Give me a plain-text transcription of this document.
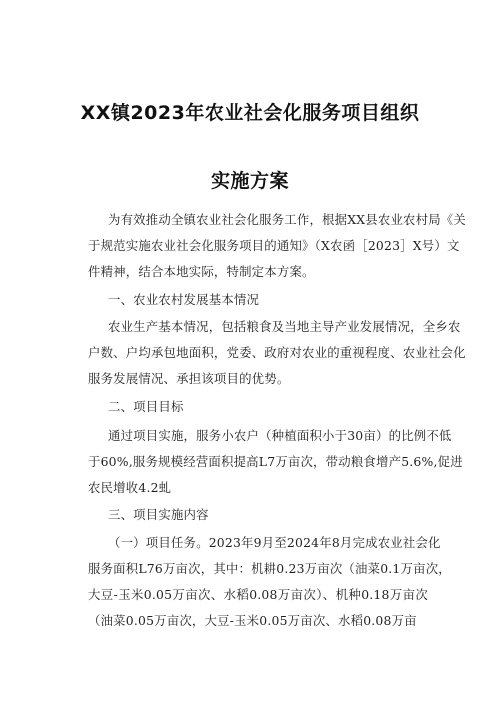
XX镇2023年农业社会化服务项目组织
实施方案
为有效推动全镇农业社会化服务工作，根据XX县农业农村局《关
于规范实施农业社会化服务项目的通知》（X农函［2023］X号）文
件精神，结合本地实际，特制定本方案。
一、农业农村发展基本情况
农业生产基本情况，包括粮食及当地主导产业发展情况，全乡农
户数、户均承包地面积，党委、政府对农业的重视程度、农业社会化
服务发展情况、承担该项目的优势。
二、项目目标
通过项目实施，服务小农户（种植面积小于30亩）的比例不低
于60%,服务规模经营面积提高L7万亩次，带动粮食增产5.6%,促进
农民增收4.2虬
三、项目实施内容
（一）项目任务。2023年9月至2024年8月完成农业社会化
服务面积L76万亩次，其中：机耕0.23万亩次（油菜0.1万亩次，
大豆-玉米0.05万亩次、水稻0.08万亩次）、机种0.18万亩次
（油菜0.05万亩次，大豆-玉米0.05万亩次、水稻0.08万亩
